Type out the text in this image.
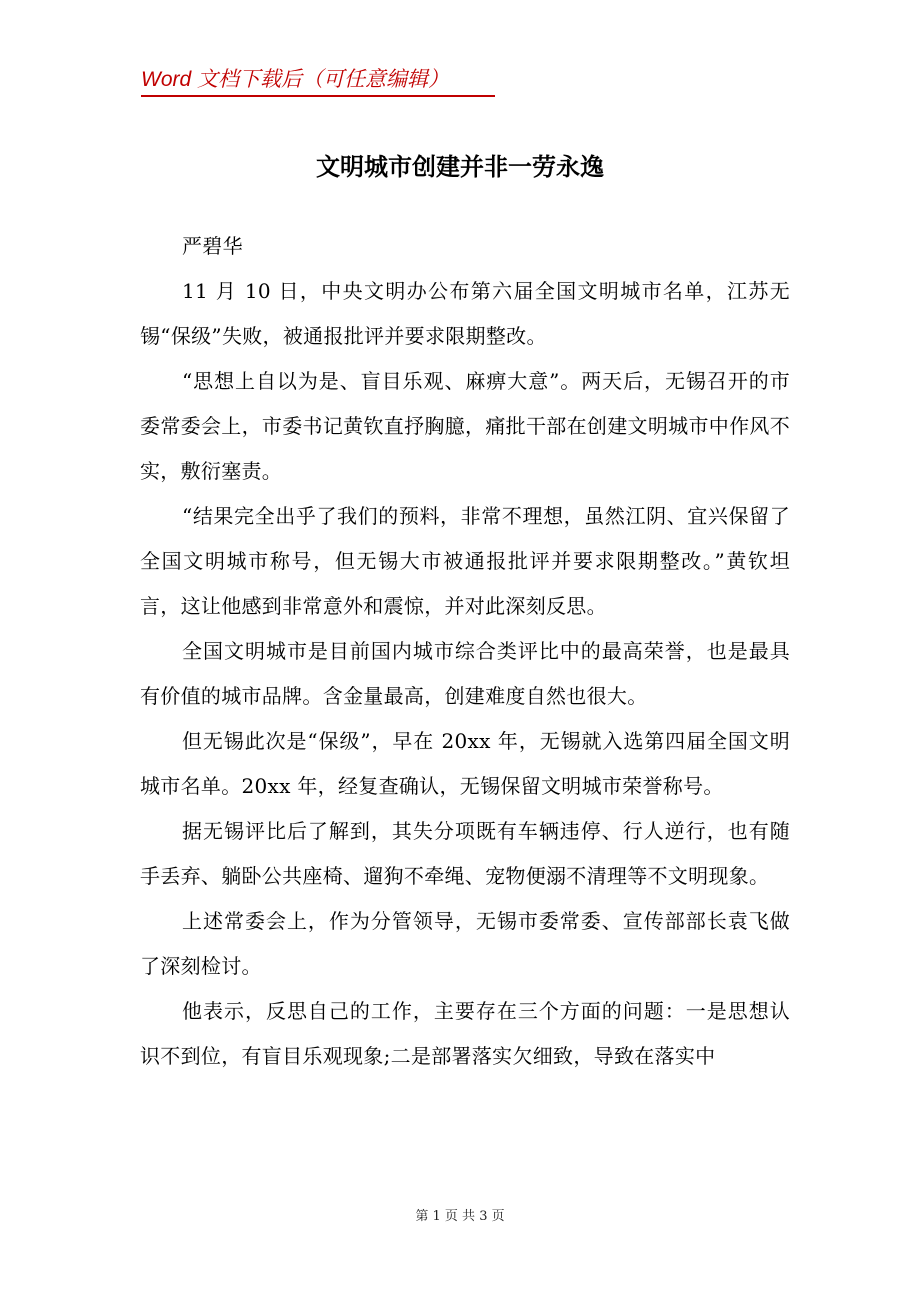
Word 文档下载后（可任意编辑）
文明城市创建并非一劳永逸

严碧华

11 月 10 日，中央文明办公布第六届全国文明城市名单，江苏无锡“保级”失败，被通报批评并要求限期整改。

“思想上自以为是、盲目乐观、麻痹大意”。两天后，无锡召开的市委常委会上，市委书记黄钦直抒胸臆，痛批干部在创建文明城市中作风不实，敷衍塞责。

“结果完全出乎了我们的预料，非常不理想，虽然江阴、宜兴保留了全国文明城市称号，但无锡大市被通报批评并要求限期整改。”黄钦坦言，这让他感到非常意外和震惊，并对此深刻反思。

全国文明城市是目前国内城市综合类评比中的最高荣誉，也是最具有价值的城市品牌。含金量最高，创建难度自然也很大。

但无锡此次是“保级”，早在 20xx 年，无锡就入选第四届全国文明城市名单。20xx 年，经复查确认，无锡保留文明城市荣誉称号。

据无锡评比后了解到，其失分项既有车辆违停、行人逆行，也有随手丢弃、躺卧公共座椅、遛狗不牵绳、宠物便溺不清理等不文明现象。

上述常委会上，作为分管领导，无锡市委常委、宣传部部长袁飞做了深刻检讨。

他表示，反思自己的工作，主要存在三个方面的问题：一是思想认识不到位，有盲目乐观现象;二是部署落实欠细致，导致在落实中

第 1 页 共 3 页
